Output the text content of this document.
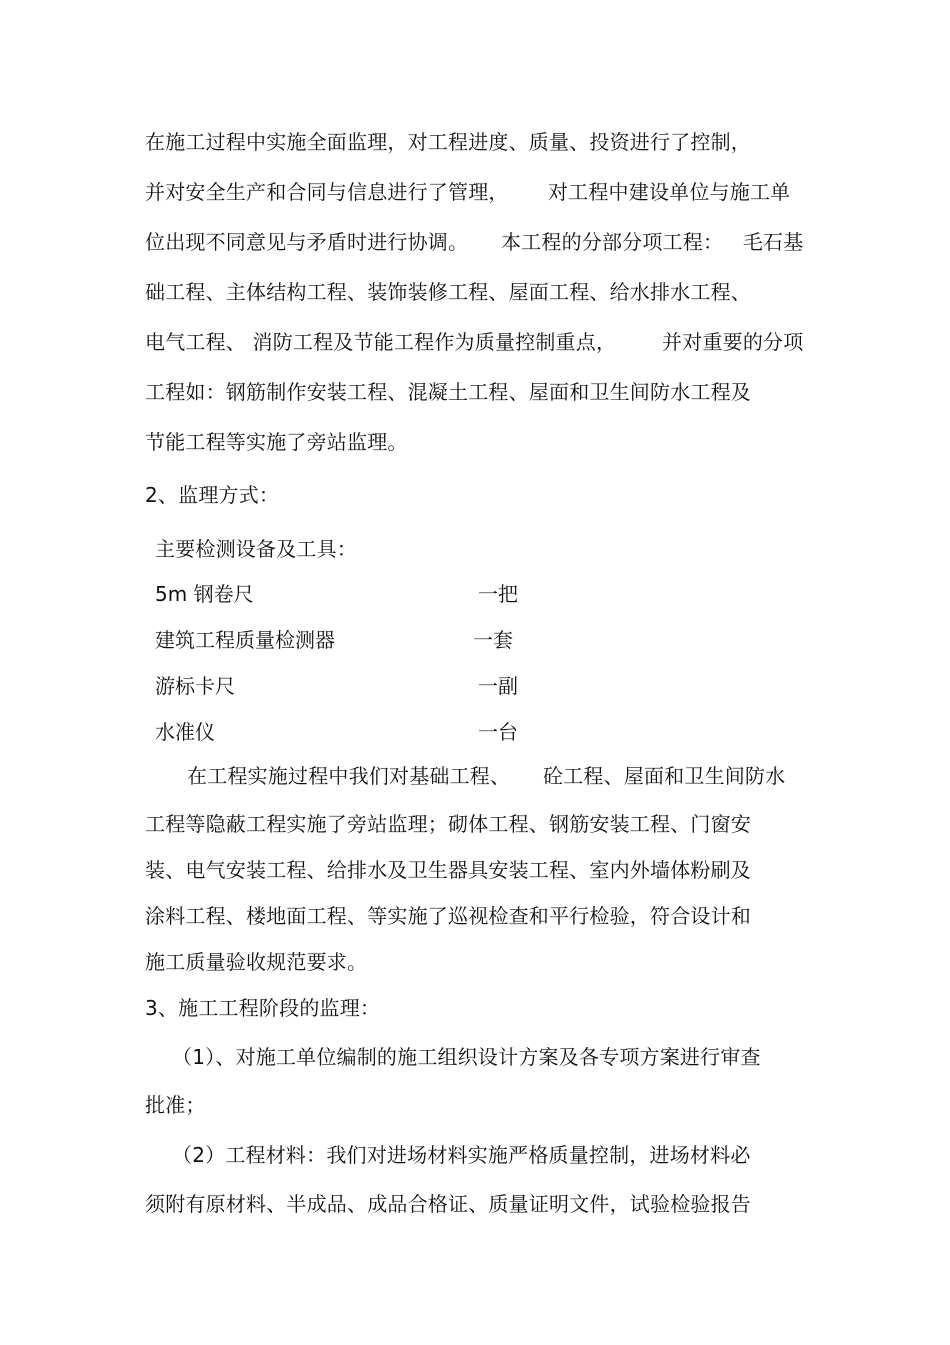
在施工过程中实施全面监理，对工程进度、质量、投资进行了控制，
并对安全生产和合同与信息进行了管理，      对工程中建设单位与施工单
位出现不同意见与矛盾时进行协调。     本工程的分部分项工程：   毛石基
础工程、主体结构工程、装饰装修工程、屋面工程、给水排水工程、
电气工程、 消防工程及节能工程作为质量控制重点，       并对重要的分项
工程如：钢筋制作安装工程、混凝土工程、屋面和卫生间防水工程及
节能工程等实施了旁站监理。
2、监理方式：
主要检测设备及工具：
5m 钢卷尺	一把
建筑工程质量检测器	一套
游标卡尺	一副
水准仪	一台
在工程实施过程中我们对基础工程、     砼工程、屋面和卫生间防水
工程等隐蔽工程实施了旁站监理；砌体工程、钢筋安装工程、门窗安
装、电气安装工程、给排水及卫生器具安装工程、室内外墙体粉刷及
涂料工程、楼地面工程、等实施了巡视检查和平行检验，符合设计和
施工质量验收规范要求。
3、施工工程阶段的监理：
（1）、对施工单位编制的施工组织设计方案及各专项方案进行审查
批准；
（2）工程材料：我们对进场材料实施严格质量控制，进场材料必
须附有原材料、半成品、成品合格证、质量证明文件，试验检验报告
